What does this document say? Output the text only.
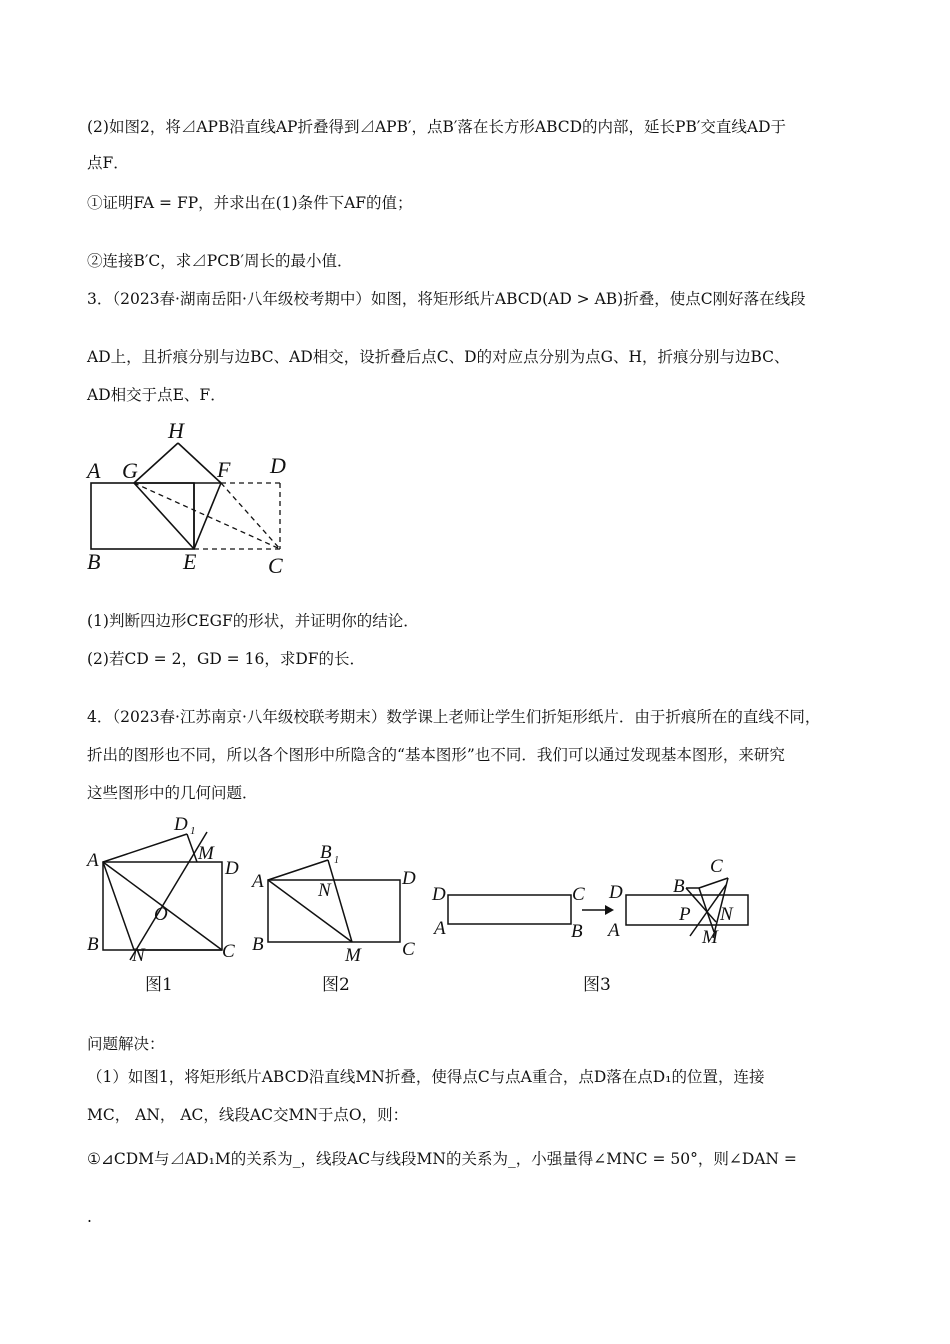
(2)如图2，将⊿APB沿直线AP折叠得到⊿APB′，点B′落在长方形ABCD的内部，延长PB′交直线AD于
点F．
①证明FA = FP，并求出在(1)条件下AF的值；
②连接B′C，求⊿PCB′周长的最小值．
3．（2023春·湖南岳阳·八年级校考期中）如图，将矩形纸片ABCD(AD > AB)折叠，使点C刚好落在线段
AD上，且折痕分别与边BC、AD相交，设折叠后点C、D的对应点分别为点G、H，折痕分别与边BC、
AD相交于点E、F．
A G
H
F D
B	E	C
(1)判断四边形CEGF的形状，并证明你的结论．
(2)若CD = 2，GD = 16，求DF的长．
4．（2023春·江苏南京·八年级校联考期末）数学课上老师让学生们折矩形纸片．由于折痕所在的直线不同，
折出的图形也不同，所以各个图形中所隐含的“基本图形”也不同．我们可以通过发现基本图形，来研究
这些图形中的几何问题．
A
D 1
M
D
O
B
N	C
图1
A
B 1
N
D
B
M C
图2
D	C
A	B
D
A
B
C
P N
M
图3
问题解决：
（1）如图1，将矩形纸片ABCD沿直线MN折叠，使得点C与点A重合，点D落在点D₁的位置，连接
MC， AN， AC，线段AC交MN于点O，则：
①⊿CDM与⊿AD₁M的关系为_，线段AC与线段MN的关系为_，小强量得∠MNC = 50°，则∠DAN =
.
